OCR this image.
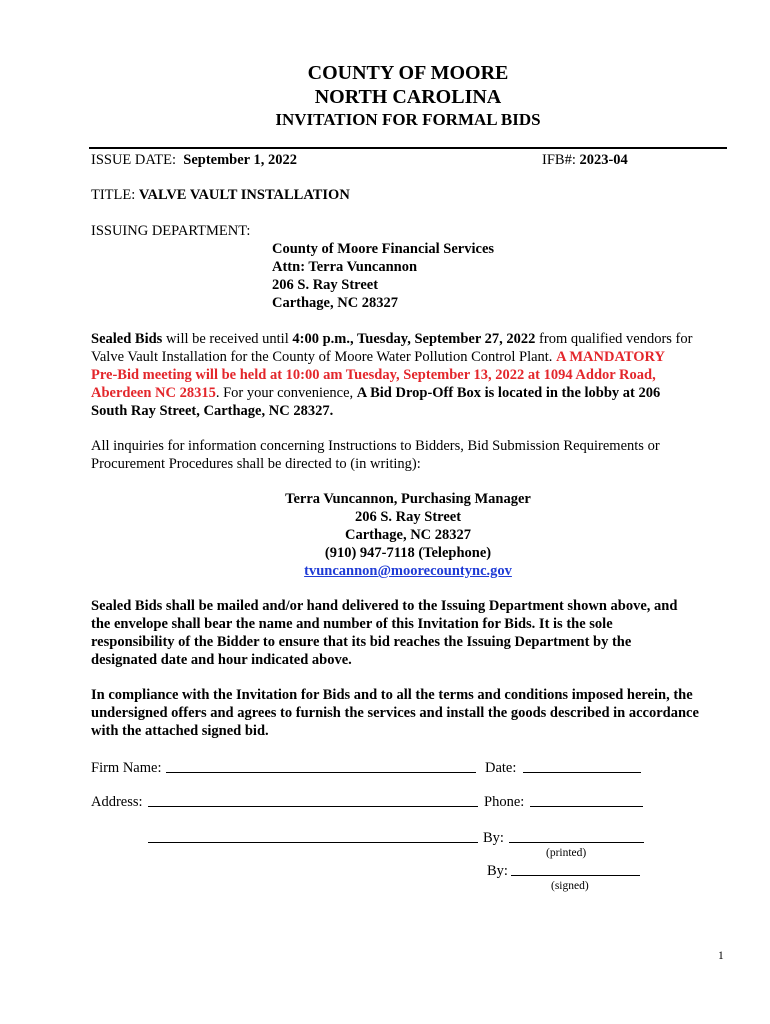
COUNTY OF MOORE
NORTH CAROLINA
INVITATION FOR FORMAL BIDS
ISSUE DATE: September 1, 2022	IFB#: 2023-04
TITLE: VALVE VAULT INSTALLATION
ISSUING DEPARTMENT:
County of Moore Financial Services
Attn: Terra Vuncannon
206 S. Ray Street
Carthage, NC 28327
Sealed Bids will be received until 4:00 p.m., Tuesday, September 27, 2022 from qualified vendors for
Valve Vault Installation for the County of Moore Water Pollution Control Plant. A MANDATORY
Pre-Bid meeting will be held at 10:00 am Tuesday, September 13, 2022 at 1094 Addor Road,
Aberdeen NC 28315. For your convenience, A Bid Drop-Off Box is located in the lobby at 206
South Ray Street, Carthage, NC 28327.
All inquiries for information concerning Instructions to Bidders, Bid Submission Requirements or
Procurement Procedures shall be directed to (in writing):
Terra Vuncannon, Purchasing Manager
206 S. Ray Street
Carthage, NC 28327
(910) 947-7118 (Telephone)
tvuncannon@moorecountync.gov
Sealed Bids shall be mailed and/or hand delivered to the Issuing Department shown above, and
the envelope shall bear the name and number of this Invitation for Bids. It is the sole
responsibility of the Bidder to ensure that its bid reaches the Issuing Department by the
designated date and hour indicated above.
In compliance with the Invitation for Bids and to all the terms and conditions imposed herein, the
undersigned offers and agrees to furnish the services and install the goods described in accordance
with the attached signed bid.
Firm Name:	Date:
Address:	Phone:
By:
(printed)
By:
(signed)
1
